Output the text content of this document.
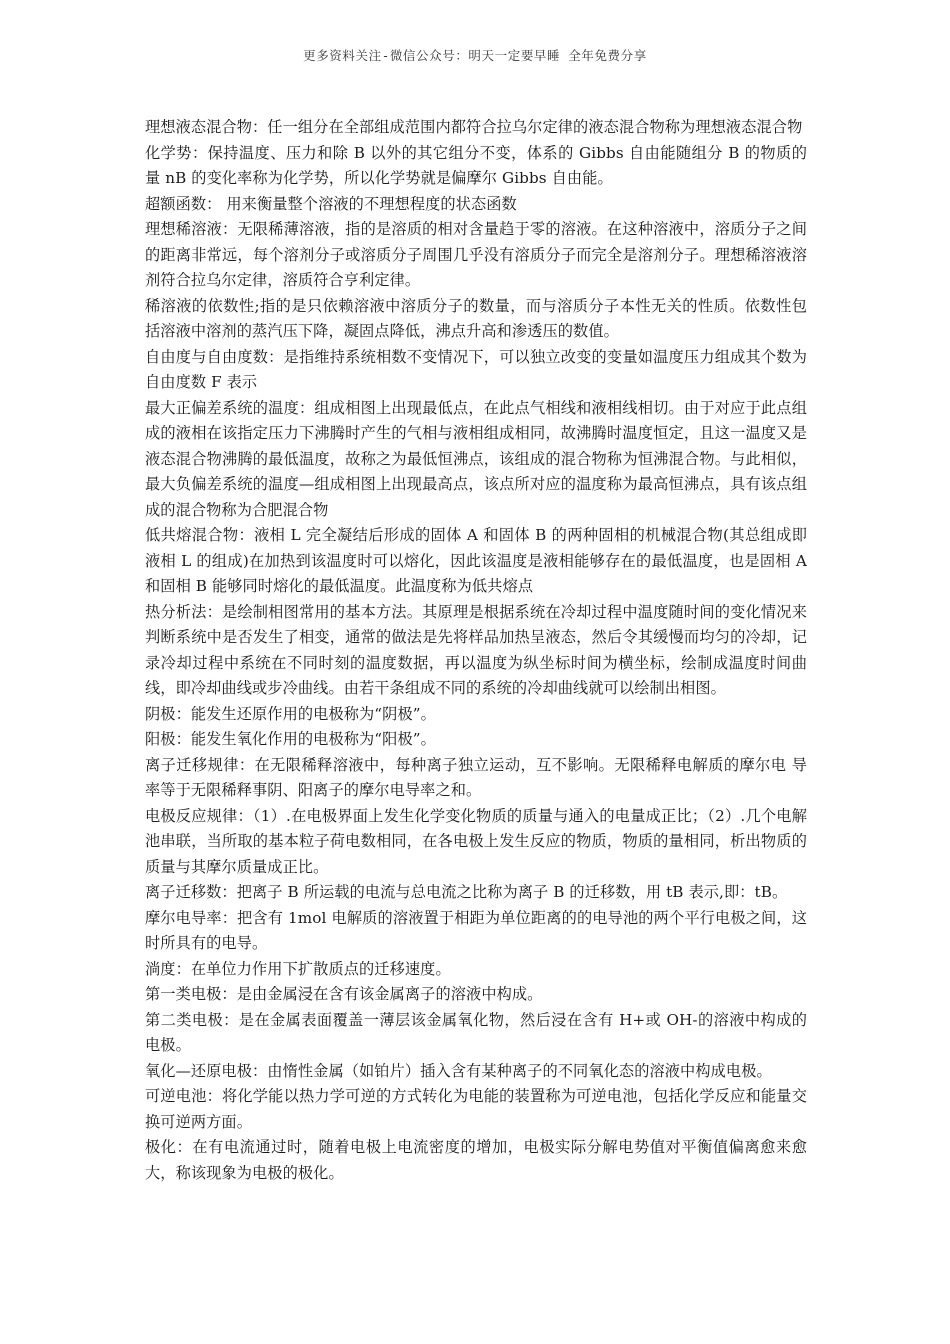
更多资料关注-微信公众号：明天一定要早睡 全年免费分享

理想液态混合物：任一组分在全部组成范围内都符合拉乌尔定律的液态混合物称为理想液态混合物

化学势：保持温度、压力和除 B 以外的其它组分不变，体系的 Gibbs 自由能随组分 B 的物质的量 nB 的变化率称为化学势，所以化学势就是偏摩尔 Gibbs 自由能。

超额函数： 用来衡量整个溶液的不理想程度的状态函数

理想稀溶液：无限稀薄溶液，指的是溶质的相对含量趋于零的溶液。在这种溶液中，溶质分子之间的距离非常远，每个溶剂分子或溶质分子周围几乎没有溶质分子而完全是溶剂分子。理想稀溶液溶剂符合拉乌尔定律，溶质符合亨利定律。

稀溶液的依数性;指的是只依赖溶液中溶质分子的数量，而与溶质分子本性无关的性质。依数性包括溶液中溶剂的蒸汽压下降，凝固点降低，沸点升高和渗透压的数值。

自由度与自由度数：是指维持系统相数不变情况下，可以独立改变的变量如温度压力组成其个数为自由度数 F 表示

最大正偏差系统的温度：组成相图上出现最低点，在此点气相线和液相线相切。由于对应于此点组成的液相在该指定压力下沸腾时产生的气相与液相组成相同，故沸腾时温度恒定，且这一温度又是液态混合物沸腾的最低温度，故称之为最低恒沸点，该组成的混合物称为恒沸混合物。与此相似，最大负偏差系统的温度—组成相图上出现最高点，该点所对应的温度称为最高恒沸点，具有该点组成的混合物称为合肥混合物

低共熔混合物：液相 L 完全凝结后形成的固体 A 和固体 B 的两种固相的机械混合物(其总组成即液相 L 的组成)在加热到该温度时可以熔化，因此该温度是液相能够存在的最低温度，也是固相 A 和固相 B 能够同时熔化的最低温度。此温度称为低共熔点

热分析法：是绘制相图常用的基本方法。其原理是根据系统在冷却过程中温度随时间的变化情况来判断系统中是否发生了相变，通常的做法是先将样品加热呈液态，然后令其缓慢而均匀的冷却，记录冷却过程中系统在不同时刻的温度数据，再以温度为纵坐标时间为横坐标，绘制成温度时间曲线，即冷却曲线或步冷曲线。由若干条组成不同的系统的冷却曲线就可以绘制出相图。

阴极：能发生还原作用的电极称为“阴极”。

阳极：能发生氧化作用的电极称为“阳极”。

离子迁移规律：在无限稀释溶液中，每种离子独立运动，互不影响。无限稀释电解质的摩尔电 导率等于无限稀释事阴、阳离子的摩尔电导率之和。

电极反应规律：（1）.在电极界面上发生化学变化物质的质量与通入的电量成正比；（2）.几个电解池串联，当所取的基本粒子荷电数相同，在各电极上发生反应的物质，物质的量相同，析出物质的质量与其摩尔质量成正比。

离子迁移数：把离子 B 所运载的电流与总电流之比称为离子 B 的迁移数，用 tB 表示,即：tB。

摩尔电导率：把含有 1mol 电解质的溶液置于相距为单位距离的的电导池的两个平行电极之间，这时所具有的电导。

淌度：在单位力作用下扩散质点的迁移速度。

第一类电极：是由金属浸在含有该金属离子的溶液中构成。

第二类电极：是在金属表面覆盖一薄层该金属氧化物，然后浸在含有 H+或 OH-的溶液中构成的电极。

氧化—还原电极：由惰性金属（如铂片）插入含有某种离子的不同氧化态的溶液中构成电极。

可逆电池：将化学能以热力学可逆的方式转化为电能的装置称为可逆电池，包括化学反应和能量交换可逆两方面。

极化：在有电流通过时，随着电极上电流密度的增加，电极实际分解电势值对平衡值偏离愈来愈大，称该现象为电极的极化。
